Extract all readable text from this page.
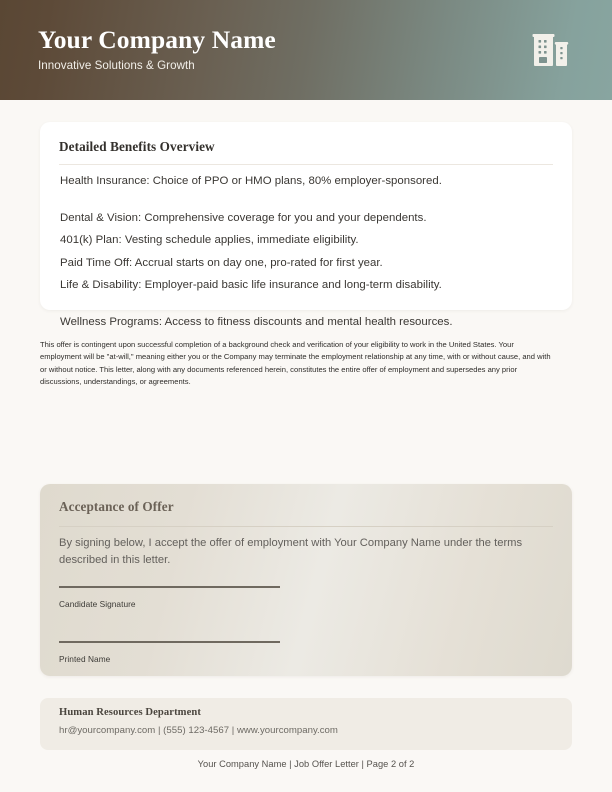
Your Company Name
Innovative Solutions & Growth
Detailed Benefits Overview
Health Insurance: Choice of PPO or HMO plans, 80% employer-sponsored.
Dental & Vision: Comprehensive coverage for you and your dependents.
401(k) Plan: Vesting schedule applies, immediate eligibility.
Paid Time Off: Accrual starts on day one, pro-rated for first year.
Life & Disability: Employer-paid basic life insurance and long-term disability.
Wellness Programs: Access to fitness discounts and mental health resources.
This offer is contingent upon successful completion of a background check and verification of your eligibility to work in the United States. Your employment will be "at-will," meaning either you or the Company may terminate the employment relationship at any time, with or without cause, and with or without notice. This letter, along with any documents referenced herein, constitutes the entire offer of employment and supersedes any prior discussions, understandings, or agreements.
Acceptance of Offer
By signing below, I accept the offer of employment with Your Company Name under the terms described in this letter.
Candidate Signature
Printed Name
Human Resources Department
hr@yourcompany.com | (555) 123-4567 | www.yourcompany.com
Your Company Name | Job Offer Letter | Page 2 of 2
